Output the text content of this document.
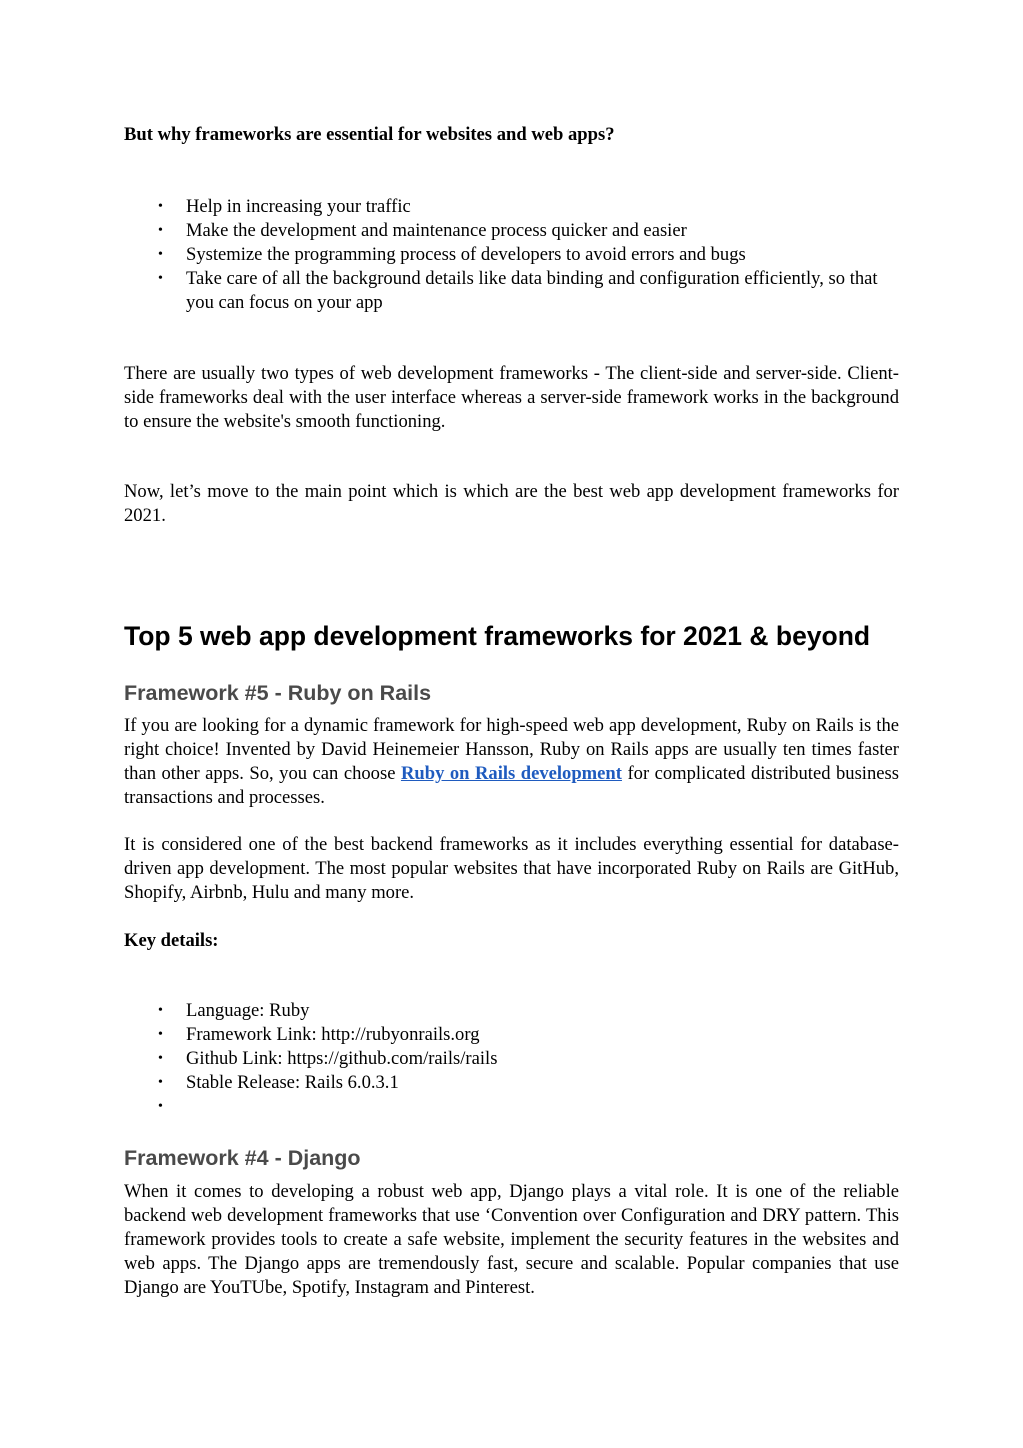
But why frameworks are essential for websites and web apps?

• Help in increasing your traffic
• Make the development and maintenance process quicker and easier
• Systemize the programming process of developers to avoid errors and bugs
• Take care of all the background details like data binding and configuration efficiently, so that you can focus on your app

There are usually two types of web development frameworks - The client-side and server-side. Client-side frameworks deal with the user interface whereas a server-side framework works in the background to ensure the website's smooth functioning.

Now, let’s move to the main point which is which are the best web app development frameworks for 2021.

Top 5 web app development frameworks for 2021 & beyond
Framework #5 - Ruby on Rails

If you are looking for a dynamic framework for high-speed web app development, Ruby on Rails is the right choice! Invented by David Heinemeier Hansson, Ruby on Rails apps are usually ten times faster than other apps. So, you can choose Ruby on Rails development for complicated distributed business transactions and processes.

It is considered one of the best backend frameworks as it includes everything essential for database-driven app development. The most popular websites that have incorporated Ruby on Rails are GitHub, Shopify, Airbnb, Hulu and many more.

Key details:

• Language: Ruby
• Framework Link: http://rubyonrails.org
• Github Link: https://github.com/rails/rails
• Stable Release: Rails 6.0.3.1
•
Framework #4 - Django

When it comes to developing a robust web app, Django plays a vital role. It is one of the reliable backend web development frameworks that use ‘Convention over Configuration and DRY pattern. This framework provides tools to create a safe website, implement the security features in the websites and web apps. The Django apps are tremendously fast, secure and scalable. Popular companies that use Django are YouTUbe, Spotify, Instagram and Pinterest.
